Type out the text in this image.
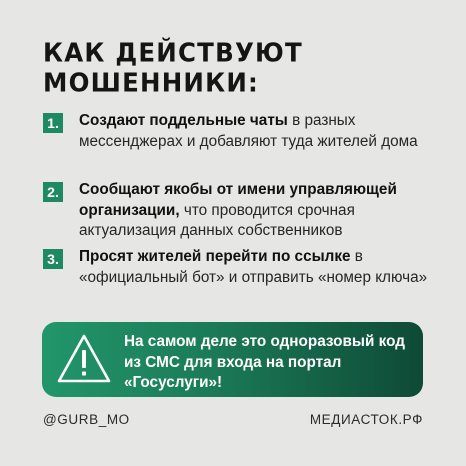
КАК ДЕЙСТВУЮТ
МОШЕННИКИ:
1. Создают поддельные чаты в разных мессенджерах и добавляют туда жителей дома
2. Сообщают якобы от имени управляющей организации, что проводится срочная актуализация данных собственников
3. Просят жителей перейти по ссылке в «официальный бот» и отправить «номер ключа»
На самом деле это одноразовый код из СМС для входа на портал «Госуслуги»!
@GURB_MO	МЕДИАСТОК.РФ
